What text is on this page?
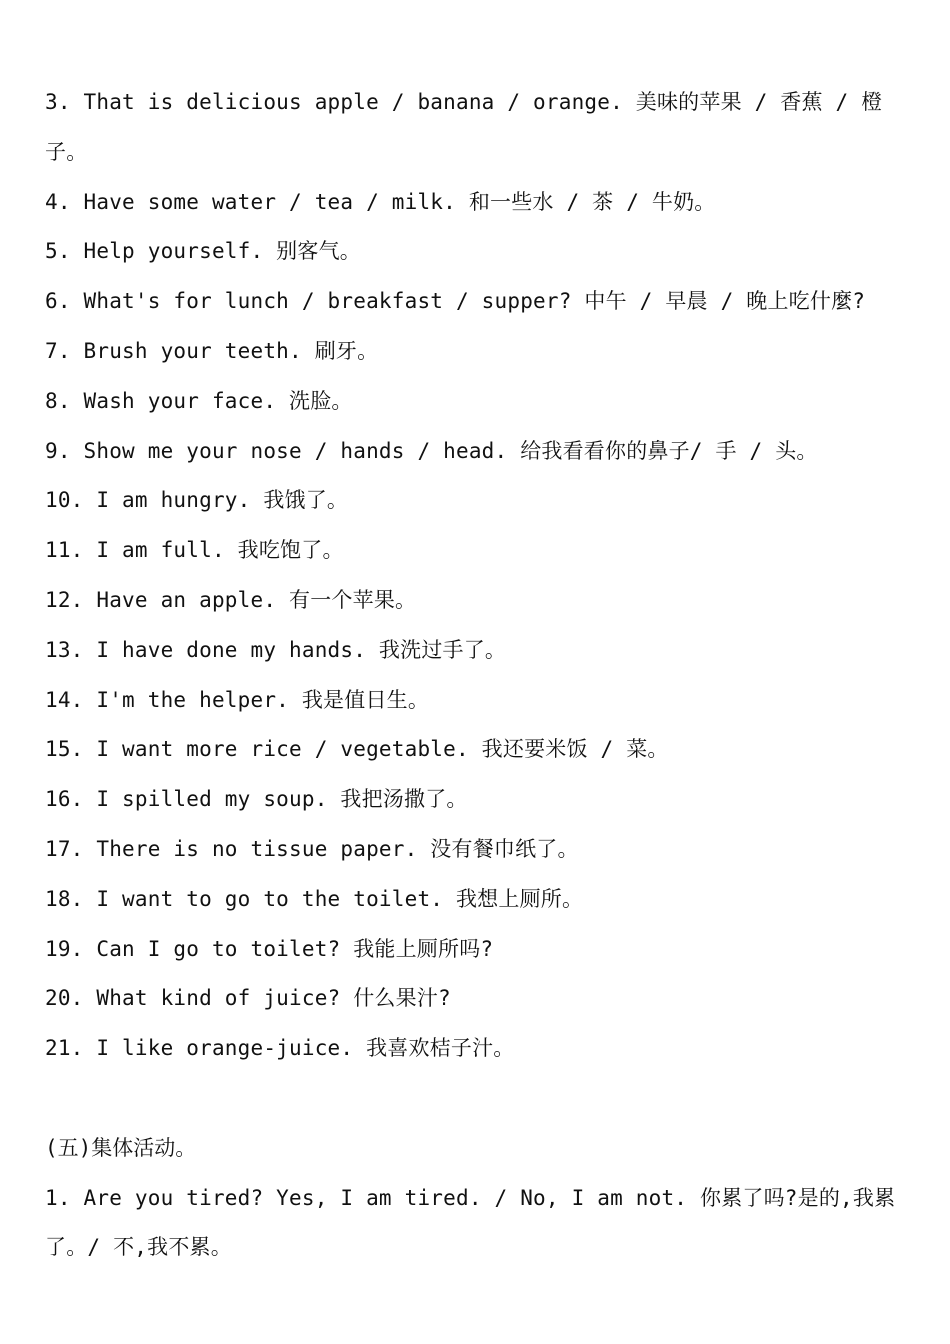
3. That is delicious apple / banana / orange. 美味的苹果 / 香蕉 / 橙子。
4. Have some water / tea / milk. 和一些水 / 茶 / 牛奶。
5. Help yourself. 别客气。
6. What's for lunch / breakfast / supper? 中午 / 早晨 / 晚上吃什麼?
7. Brush your teeth. 刷牙。
8. Wash your face. 洗脸。
9. Show me your nose / hands / head. 给我看看你的鼻子/ 手 / 头。
10. I am hungry. 我饿了。
11. I am full. 我吃饱了。
12. Have an apple. 有一个苹果。
13. I have done my hands. 我洗过手了。
14. I'm the helper. 我是值日生。
15. I want more rice / vegetable. 我还要米饭 / 菜。
16. I spilled my soup. 我把汤撒了。
17. There is no tissue paper. 没有餐巾纸了。
18. I want to go to the toilet. 我想上厕所。
19. Can I go to toilet? 我能上厕所吗?
20. What kind of juice? 什么果汁?
21. I like orange-juice. 我喜欢桔子汁。
(五)集体活动。
1. Are you tired? Yes, I am tired. / No, I am not. 你累了吗?是的,我累了。/ 不,我不累。
